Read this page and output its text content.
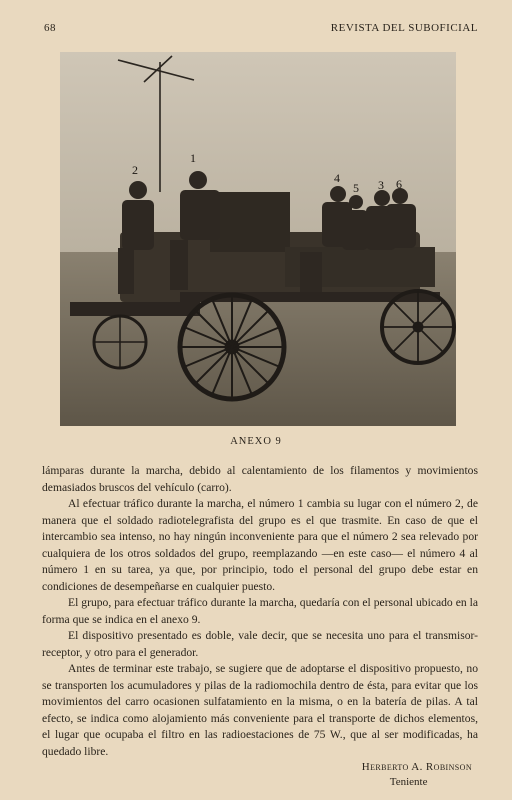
68	REVISTA DEL SUBOFICIAL
2
1
4
5 3 6
ANEXO 9

lámparas durante la marcha, debido al calentamiento de los filamentos y movimientos demasiados bruscos del vehículo (carro).

Al efectuar tráfico durante la marcha, el número 1 cambia su lugar con el número 2, de manera que el soldado radiotelegrafista del grupo es el que trasmite. En caso de que el intercambio sea intenso, no hay ningún inconveniente para que el número 2 sea relevado por cualquiera de los otros soldados del grupo, reemplazando —en este caso— el número 4 al número 1 en su tarea, ya que, por principio, todo el personal del grupo debe estar en condiciones de desempeñarse en cualquier puesto.

El grupo, para efectuar tráfico durante la marcha, quedaría con el personal ubicado en la forma que se indica en el anexo 9.

El dispositivo presentado es doble, vale decir, que se necesita uno para el transmisor-receptor, y otro para el generador.

Antes de terminar este trabajo, se sugiere que de adoptarse el dispositivo propuesto, no se transporten los acumuladores y pilas de la radiomochila dentro de ésta, para evitar que los movimientos del carro ocasionen sulfatamiento en la misma, o en la batería de pilas. A tal efecto, se indica como alojamiento más conveniente para el transporte de dichos elementos, el lugar que ocupaba el filtro en las radioestaciones de 75 W., que al ser modificadas, ha quedado libre.

Herberto A. Robinson
Teniente
